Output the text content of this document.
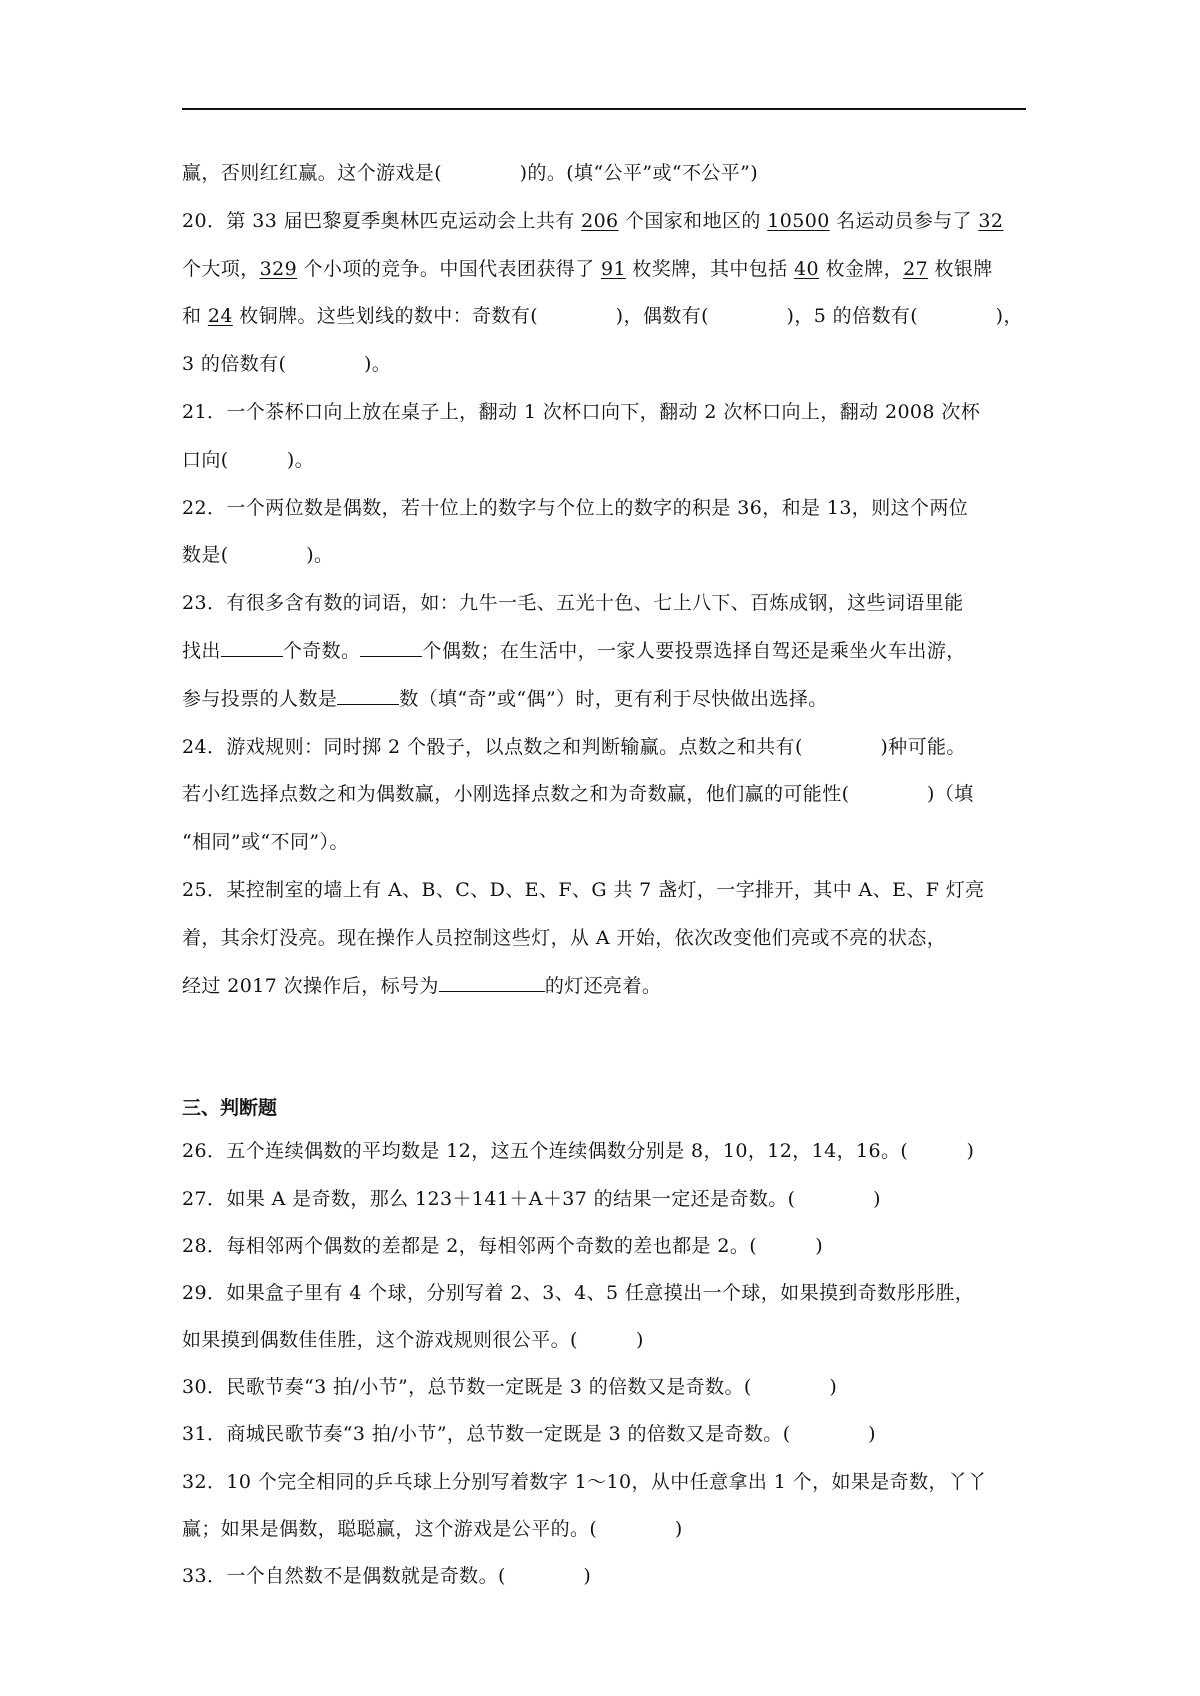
赢，否则红红赢。这个游戏是(　　　　)的。(填“公平”或“不公平”)
20．第 33 届巴黎夏季奥林匹克运动会上共有 206 个国家和地区的 10500 名运动员参与了 32
个大项，329 个小项的竞争。中国代表团获得了 91 枚奖牌，其中包括 40 枚金牌，27 枚银牌
和 24 枚铜牌。这些划线的数中：奇数有(　　　　)，偶数有(　　　　)，5 的倍数有(　　　　)，
3 的倍数有(　　　　)。
21．一个茶杯口向上放在桌子上，翻动 1 次杯口向下，翻动 2 次杯口向上，翻动 2008 次杯
口向(　　　)。
22．一个两位数是偶数，若十位上的数字与个位上的数字的积是 36，和是 13，则这个两位
数是(　　　　)。
23．有很多含有数的词语，如：九牛一毛、五光十色、七上八下、百炼成钢，这些词语里能
找出	个奇数。	个偶数；在生活中，一家人要投票选择自驾还是乘坐火车出游，
参与投票的人数是	数（填“奇”或“偶”）时，更有利于尽快做出选择。
24．游戏规则：同时掷 2 个骰子，以点数之和判断输赢。点数之和共有(　　　　)种可能。
若小红选择点数之和为偶数赢，小刚选择点数之和为奇数赢，他们赢的可能性(　　　　)（填
“相同”或“不同”）。
25．某控制室的墙上有 A、B、C、D、E、F、G 共 7 盏灯，一字排开，其中 A、E、F 灯亮
着，其余灯没亮。现在操作人员控制这些灯，从 A 开始，依次改变他们亮或不亮的状态，
经过 2017 次操作后，标号为	的灯还亮着。
三、判断题
26．五个连续偶数的平均数是 12，这五个连续偶数分别是 8，10，12，14，16。(　　　)
27．如果 A 是奇数，那么 123＋141＋A＋37 的结果一定还是奇数。(　　　　)
28．每相邻两个偶数的差都是 2，每相邻两个奇数的差也都是 2。(　　　)
29．如果盒子里有 4 个球，分别写着 2、3、4、5 任意摸出一个球，如果摸到奇数彤彤胜，
如果摸到偶数佳佳胜，这个游戏规则很公平。(　　　)
30．民歌节奏“3 拍/小节”，总节数一定既是 3 的倍数又是奇数。(　　　　)
31．商城民歌节奏“3 拍/小节”，总节数一定既是 3 的倍数又是奇数。(　　　　)
32．10 个完全相同的乒乓球上分别写着数字 1～10，从中任意拿出 1 个，如果是奇数，丫丫
赢；如果是偶数，聪聪赢，这个游戏是公平的。(　　　　)
33．一个自然数不是偶数就是奇数。(　　　　)
